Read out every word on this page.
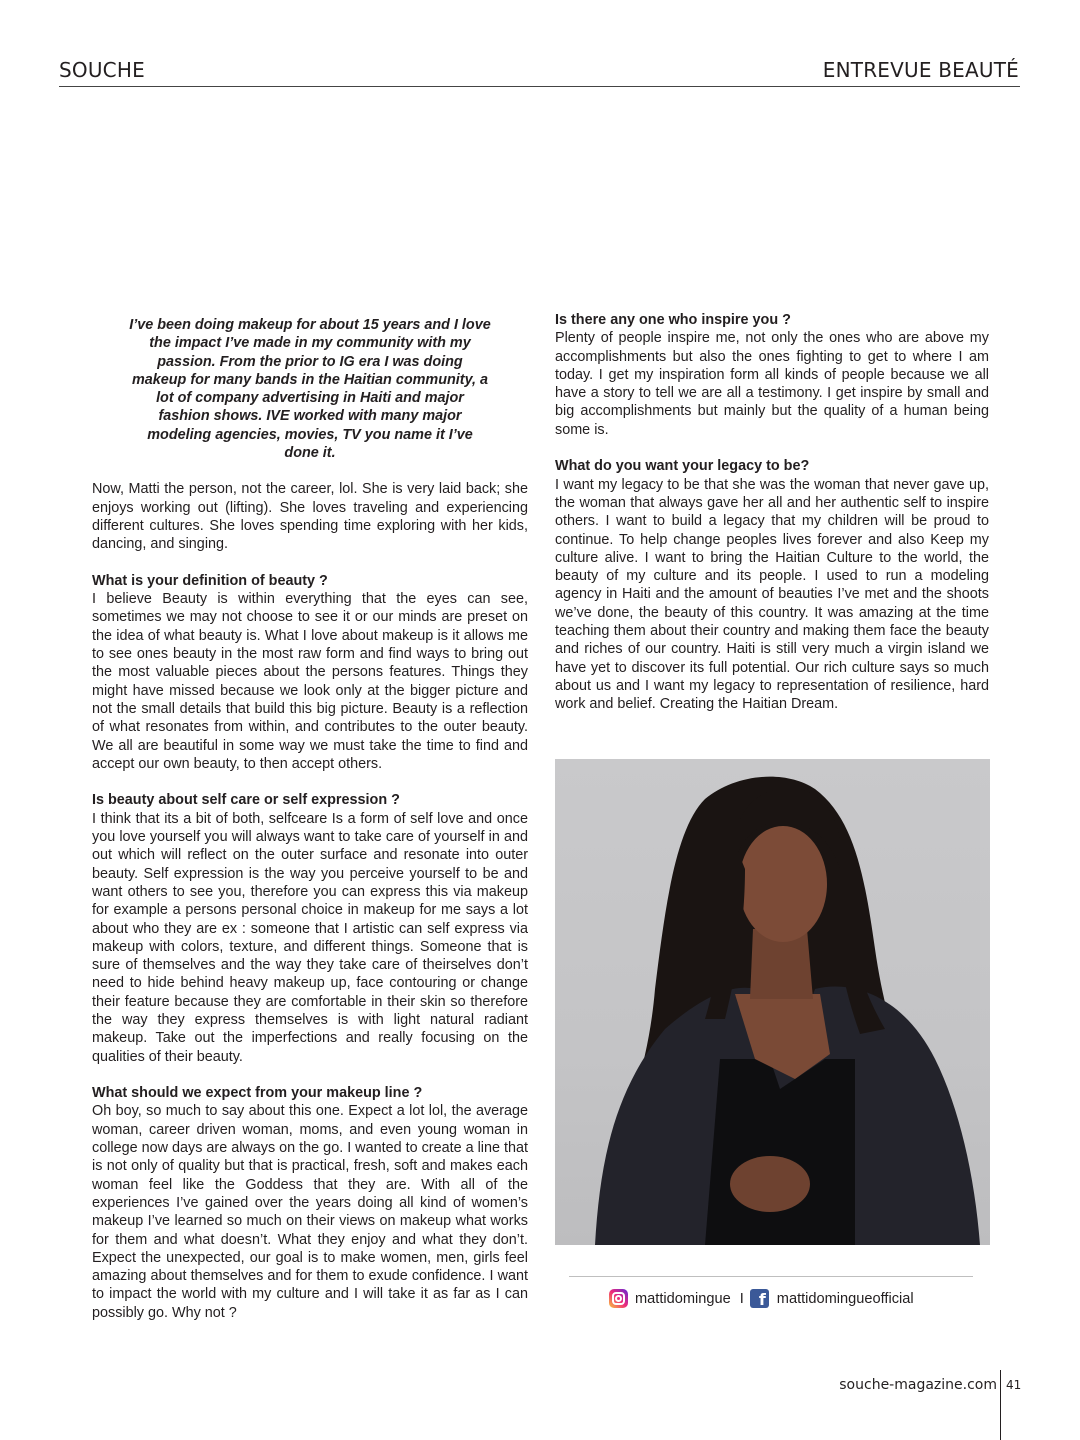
SOUCHE	ENTREVUE BEAUTÉ
I’ve been doing makeup for about 15 years and I love the impact I’ve made in my community with my passion. From the prior to IG era I was doing makeup for many bands in the Haitian community, a lot of company advertising in Haiti and major fashion shows. IVE worked with many major modeling agencies, movies, TV you name it I’ve done it.
Now, Matti the person, not the career, lol. She is very laid back; she enjoys working out (lifting). She loves traveling and experiencing different cultures. She loves spending time exploring with her kids, dancing, and singing.
What is your definition of beauty ?
I believe Beauty is within everything that the eyes can see, sometimes we may not choose to see it or our minds are preset on the idea of what beauty is. What I love about makeup is it allows me to see ones beauty in the most raw form and find ways to bring out the most valuable pieces about the persons features. Things they might have missed because we look only at the bigger picture and not the small details that build this big picture. Beauty is a reflection of what resonates from within, and contributes to the outer beauty. We all are beautiful in some way we must take the time to find and accept our own beauty, to then accept others.
Is beauty about self care or self expression ?
I think that its a bit of both, selfceare Is a form of self love and once you love yourself you will always want to take care of yourself in and out which will reflect on the outer surface and resonate into outer beauty. Self expression is the way you perceive yourself to be and want others to see you, therefore you can express this via makeup for example a persons personal choice in makeup for me says a lot about who they are ex : someone that I artistic can self express via makeup with colors, texture, and different things. Someone that is sure of themselves and the way they take care of theirselves don’t need to hide behind heavy makeup up, face contouring or change their feature because they are comfortable in their skin so therefore the way they express themselves is with light natural radiant makeup. Take out the imperfections and really focusing on the qualities of their beauty.
What should we expect from your makeup line ?
Oh boy, so much to say about this one. Expect a lot lol, the average woman, career driven woman, moms, and even young woman in college now days are always on the go. I wanted to create a line that is not only of quality but that is practical, fresh, soft and makes each woman feel like the Goddess that they are. With all of the experiences I’ve gained over the years doing all kind of women’s makeup I’ve learned so much on their views on makeup what works for them and what doesn’t. What they enjoy and what they don’t. Expect the unexpected, our goal is to make women, men, girls feel amazing about themselves and for them to exude confidence. I want to impact the world with my culture and I will take it as far as I can possibly go. Why not ?
Is there any one who inspire you ?
Plenty of people inspire me, not only the ones who are above my accomplishments but also the ones fighting to get to where I am today. I get my inspiration form all kinds of people because we all have a story to tell we are all a testimony. I get inspire by small and big accomplishments but mainly but the quality of a human being some is.
What do you want your legacy to be?
I want my legacy to be that she was the woman that never gave up, the woman that always gave her all and her authentic self to inspire others. I want to build a legacy that my children will be proud to continue. To help change peoples lives forever and also Keep my culture alive. I want to bring the Haitian Culture to the world, the beauty of my culture and its people. I used to run a modeling agency in Haiti and the amount of beauties I’ve met and the shoots we’ve done, the beauty of this country. It was amazing at the time teaching them about their country and making them face the beauty and riches of our country. Haiti is still very much a virgin island we have yet to discover its full potential. Our rich culture says so much about us and I want my legacy to representation of resilience, hard work and belief. Creating the Haitian Dream.
mattidomingue I f mattidomingueofficial
souche-magazine.com 41
